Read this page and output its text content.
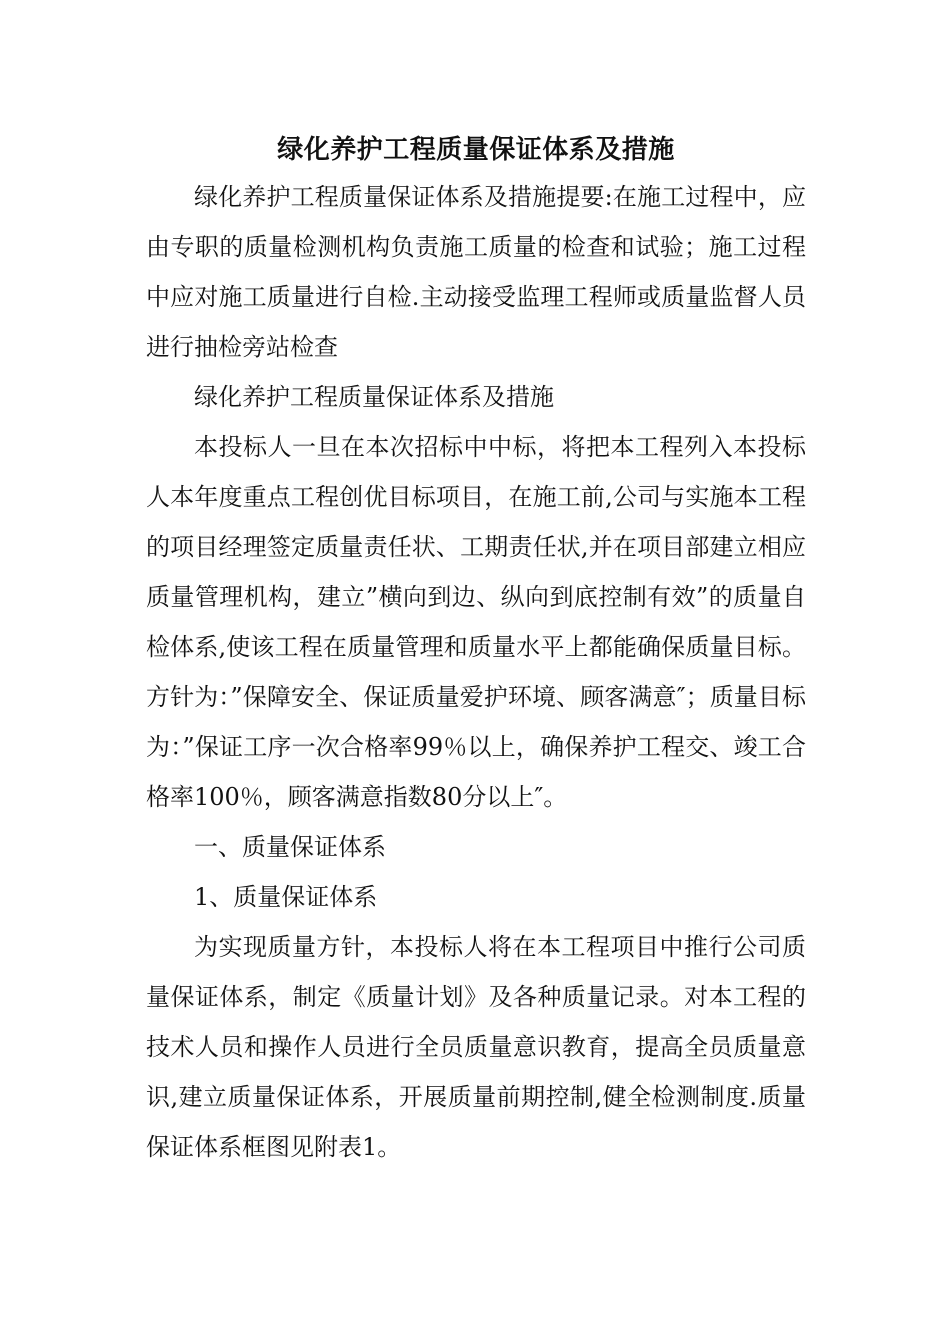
绿化养护工程质量保证体系及措施

绿化养护工程质量保证体系及措施提要:在施工过程中，应由专职的质量检测机构负责施工质量的检查和试验；施工过程中应对施工质量进行自检.主动接受监理工程师或质量监督人员进行抽检旁站检查

绿化养护工程质量保证体系及措施

本投标人一旦在本次招标中中标，将把本工程列入本投标人本年度重点工程创优目标项目，在施工前,公司与实施本工程的项目经理签定质量责任状、工期责任状,并在项目部建立相应质量管理机构，建立”横向到边、纵向到底控制有效”的质量自检体系,使该工程在质量管理和质量水平上都能确保质量目标。方针为：”保障安全、保证质量爱护环境、顾客满意″；质量目标为：”保证工序一次合格率99％以上，确保养护工程交、竣工合格率100％，顾客满意指数80分以上″。

一、质量保证体系

1、质量保证体系

为实现质量方针，本投标人将在本工程项目中推行公司质量保证体系，制定《质量计划》及各种质量记录。对本工程的技术人员和操作人员进行全员质量意识教育，提高全员质量意识,建立质量保证体系，开展质量前期控制,健全检测制度.质量保证体系框图见附表1。
